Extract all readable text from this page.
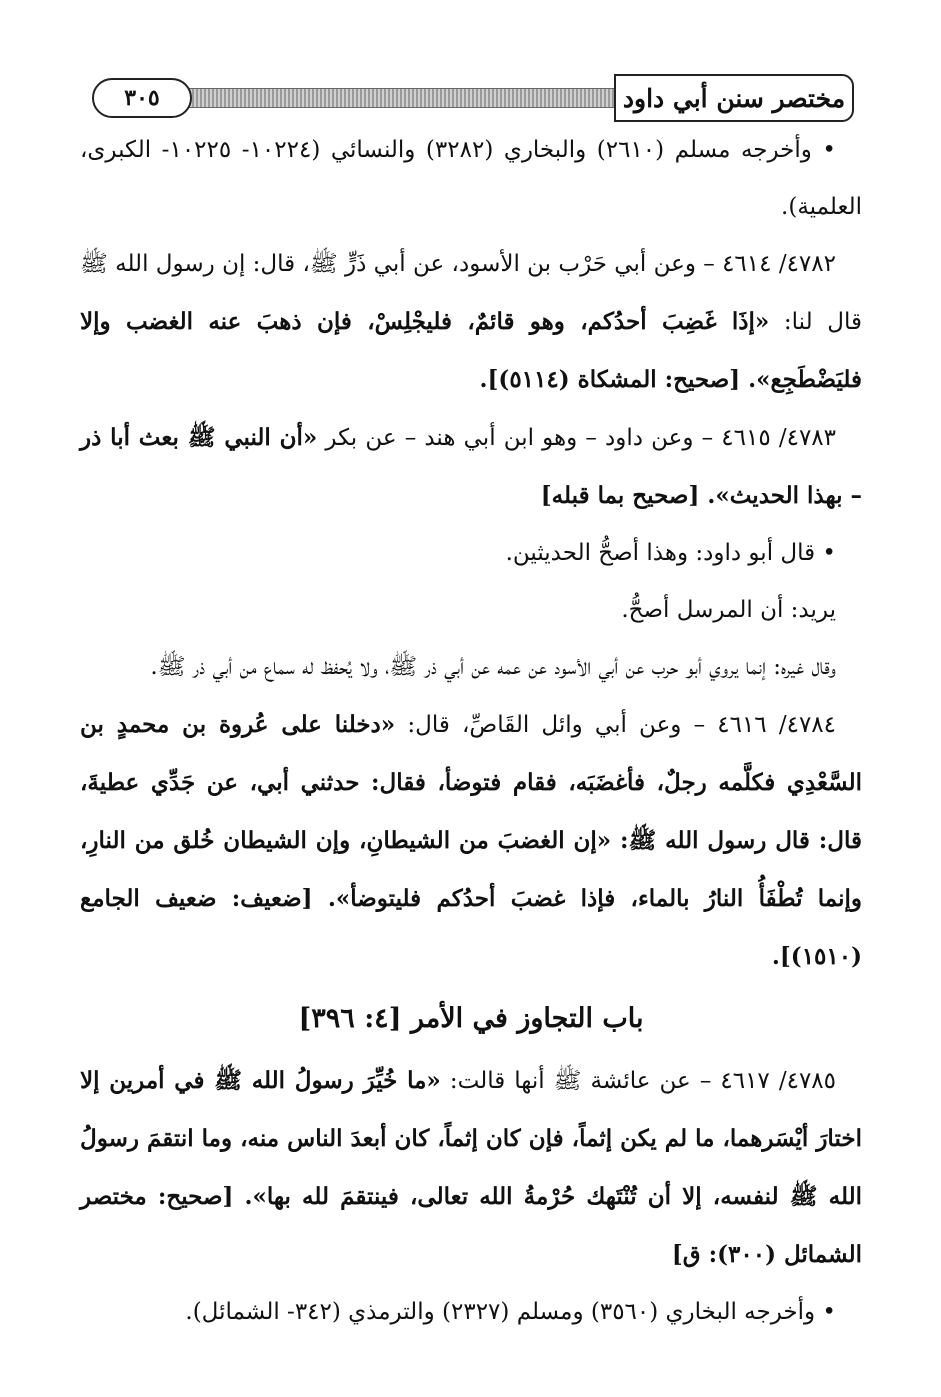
٣٠٥	مختصر سنن أبي داود

• وأخرجه مسلم (٢٦١٠) والبخاري (٣٢٨٢) والنسائي (١٠٢٢٤- ١٠٢٢٥- الكبرى، العلمية).

٤٧٨٢/ ٤٦١٤ – وعن أبي حَرْب بن الأسود، عن أبي ذَرٍّ ﷺ، قال: إن رسول الله ﷺ قال لنا: «إذَا غَضِبَ أحدُكم، وهو قائمٌ، فليجْلِسْ، فإن ذهبَ عنه الغضب وإلا فليَضْطَجِع». [صحيح: المشكاة (٥١١٤)].

٤٧٨٣/ ٤٦١٥ – وعن داود – وهو ابن أبي هند – عن بكر «أن النبي ﷺ بعث أبا ذر – بهذا الحديث». [صحيح بما قبله]

• قال أبو داود: وهذا أصحُّ الحديثين.

يريد: أن المرسل أصحُّ.

وقال غيره: إنما يروي أبو حرب عن أبي الأسود عن عمه عن أبي ذر ﷺ، ولا يُحفظ له سماع من أبي ذر ﷺ.

٤٧٨٤/ ٤٦١٦ – وعن أبي وائل القَاصِّ، قال: «دخلنا على عُروة بن محمدٍ بن السَّعْدِي فكلَّمه رجلٌ، فأغضَبَه، فقام فتوضأ، فقال: حدثني أبي، عن جَدِّي عطيةَ، قال: قال رسول الله ﷺ: «إن الغضبَ من الشيطانِ، وإن الشيطان خُلق من النارِ، وإنما تُطْفَأُ النارُ بالماء، فإذا غضبَ أحدُكم فليتوضأ». [ضعيف: ضعيف الجامع (١٥١٠)].

باب التجاوز في الأمر [٤: ٣٩٦]

٤٧٨٥/ ٤٦١٧ – عن عائشة ﷺ أنها قالت: «ما خُيِّرَ رسولُ الله ﷺ في أمرين إلا اختارَ أيْسَرهما، ما لم يكن إثماً، فإن كان إثماً، كان أبعدَ الناس منه، وما انتقمَ رسولُ الله ﷺ لنفسه، إلا أن تُنْتَهك حُرْمةُ الله تعالى، فينتقمَ لله بها». [صحيح: مختصر الشمائل (٣٠٠): ق]

• وأخرجه البخاري (٣٥٦٠) ومسلم (٢٣٢٧) والترمذي (٣٤٢- الشمائل).
